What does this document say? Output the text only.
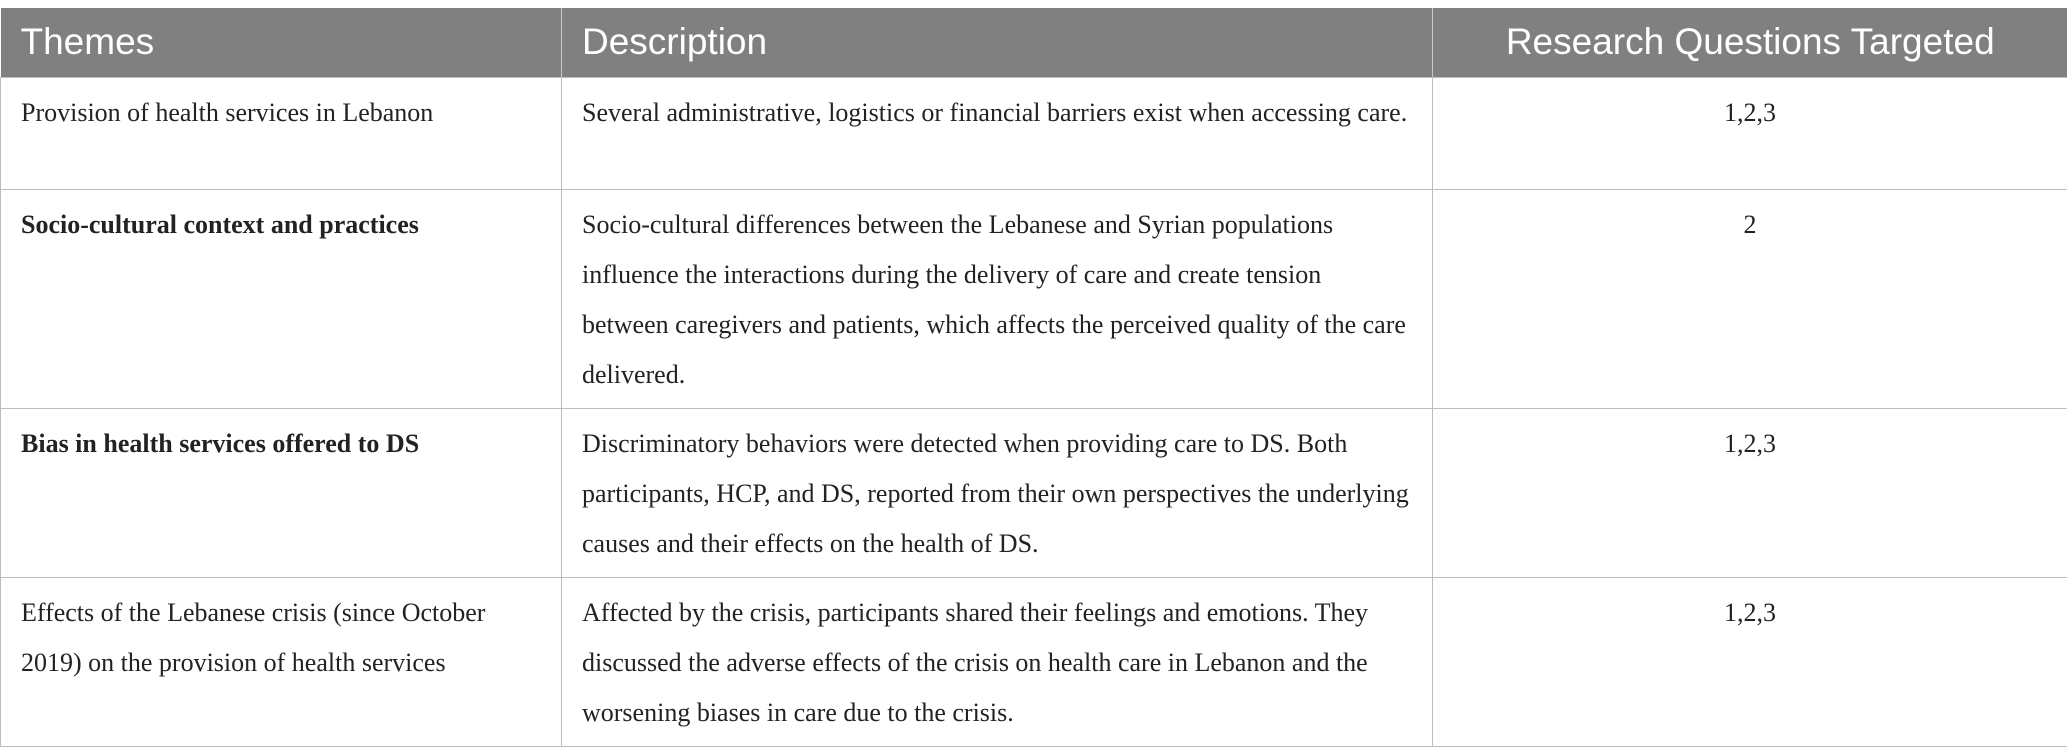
Themes	Description	Research Questions Targeted
Provision of health services in Lebanon	Several administrative, logistics or financial barriers exist when accessing care.	1,2,3
Socio-cultural context and practices	Socio-cultural differences between the Lebanese and Syrian populations influence the interactions during the delivery of care and create tension between caregivers and patients, which affects the perceived quality of the care delivered.	2
Bias in health services offered to DS	Discriminatory behaviors were detected when providing care to DS. Both participants, HCP, and DS, reported from their own perspectives the underlying causes and their effects on the health of DS.	1,2,3
Effects of the Lebanese crisis (since October 2019) on the provision of health services	Affected by the crisis, participants shared their feelings and emotions. They discussed the adverse effects of the crisis on health care in Lebanon and the worsening biases in care due to the crisis.	1,2,3
